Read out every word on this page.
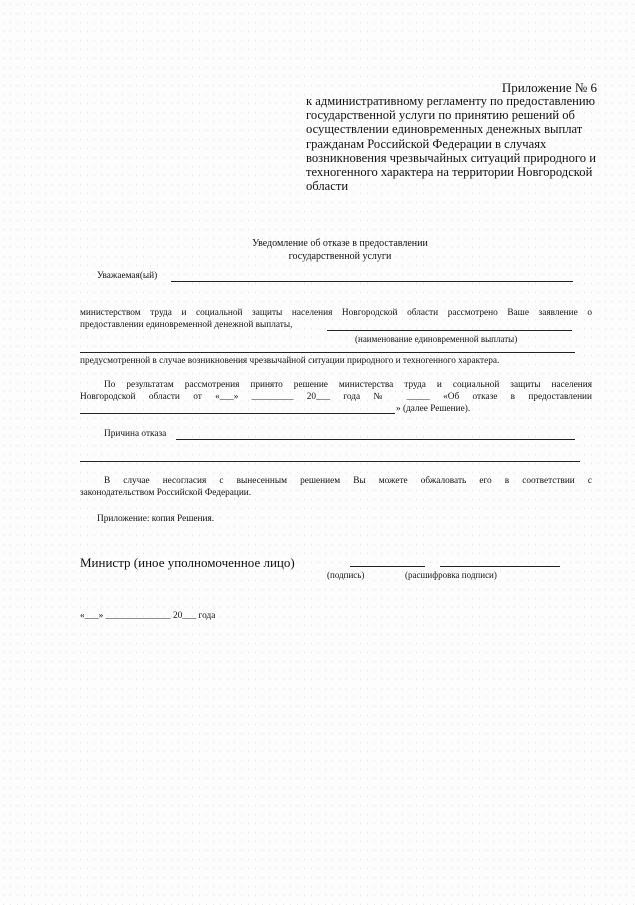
Приложение № 6
к административному регламенту по предоставлению государственной услуги по принятию решений об осуществлении единовременных денежных выплат гражданам Российской Федерации в случаях возникновения чрезвычайных ситуаций природного и техногенного характера на территории Новгородской области
Уведомление об отказе в предоставлении
государственной услуги
Уважаемая(ый)
министерством труда и социальной защиты населения Новгородской области рассмотрено Ваше заявление о
предоставлении единовременной денежной выплаты,
(наименование единовременной выплаты)
предусмотренной в случае возникновения чрезвычайной ситуации природного и техногенного характера.
По результатам рассмотрения принято решение министерства труда и социальной защиты населения
Новгородской области от «___» _________ 20___ года № _____ «Об отказе в предоставлении
» (далее Решение).
Причина отказа
В случае несогласия с вынесенным решением Вы можете обжаловать его в соответствии с
законодательством Российской Федерации.
Приложение: копия Решения.
Министр (иное уполномоченное лицо)
(подпись)	(расшифровка подписи)
«___» ______________ 20___ года
